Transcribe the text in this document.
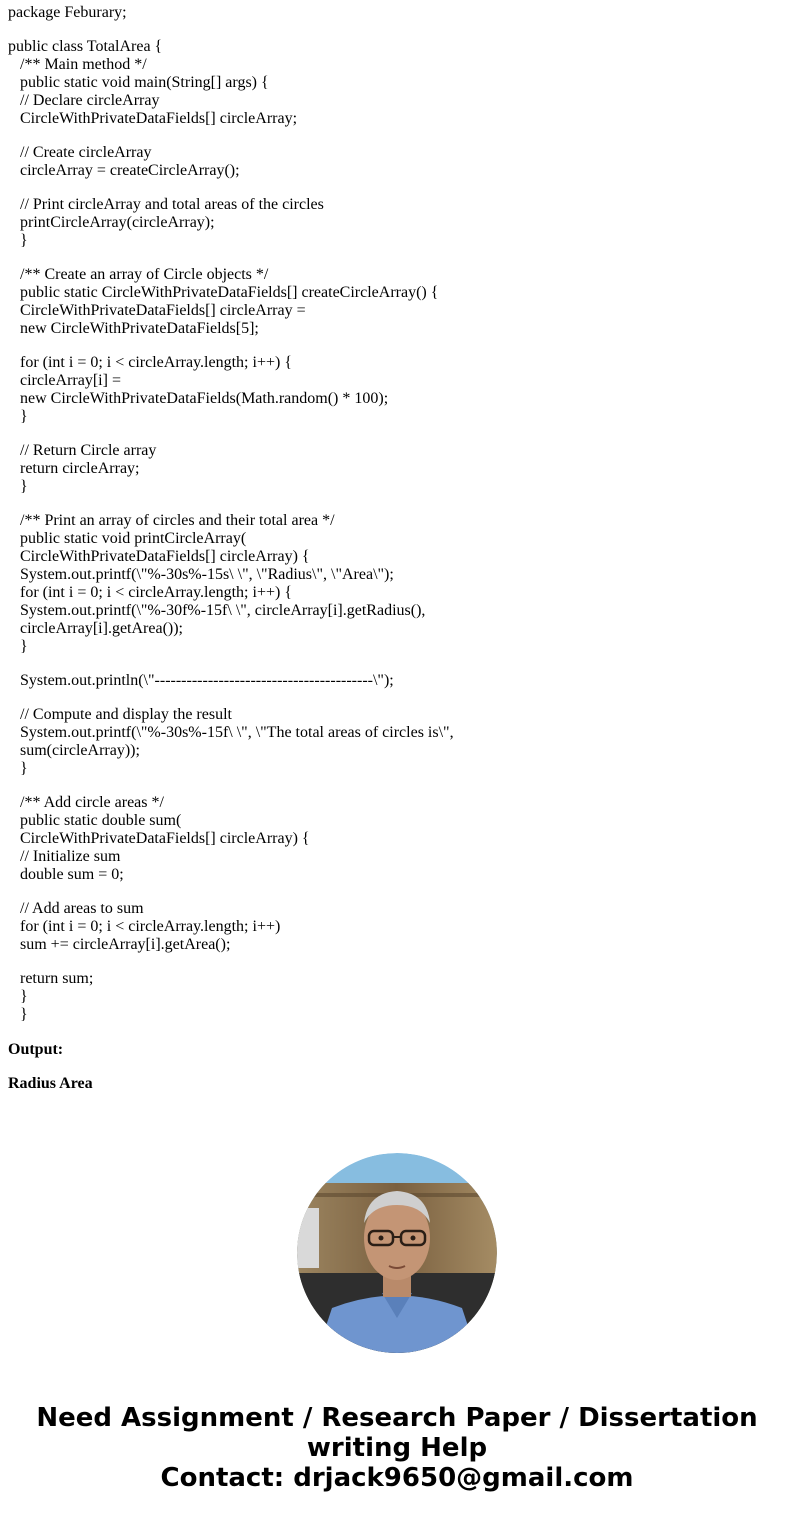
package Feburary;
public class TotalArea {
/** Main method */
public static void main(String[] args) {
// Declare circleArray
CircleWithPrivateDataFields[] circleArray;
// Create circleArray
circleArray = createCircleArray();
// Print circleArray and total areas of the circles
printCircleArray(circleArray);
}
/** Create an array of Circle objects */
public static CircleWithPrivateDataFields[] createCircleArray() {
CircleWithPrivateDataFields[] circleArray =
new CircleWithPrivateDataFields[5];
for (int i = 0; i < circleArray.length; i++) {
circleArray[i] =
new CircleWithPrivateDataFields(Math.random() * 100);
}
// Return Circle array
return circleArray;
}
/** Print an array of circles and their total area */
public static void printCircleArray(
CircleWithPrivateDataFields[] circleArray) {
System.out.printf(\"%-30s%-15s\ \", \"Radius\", \"Area\");
for (int i = 0; i < circleArray.length; i++) {
System.out.printf(\"%-30f%-15f\ \", circleArray[i].getRadius(),
circleArray[i].getArea());
}
System.out.println(\"-----------------------------------------\");
// Compute and display the result
System.out.printf(\"%-30s%-15f\ \", \"The total areas of circles is\",
sum(circleArray));
}
/** Add circle areas */
public static double sum(
CircleWithPrivateDataFields[] circleArray) {
// Initialize sum
double sum = 0;
// Add areas to sum
for (int i = 0; i < circleArray.length; i++)
sum += circleArray[i].getArea();
return sum;
}
}
Output:
Radius Area
Need Assignment / Research Paper / Dissertation
writing Help
Contact: drjack9650@gmail.com
